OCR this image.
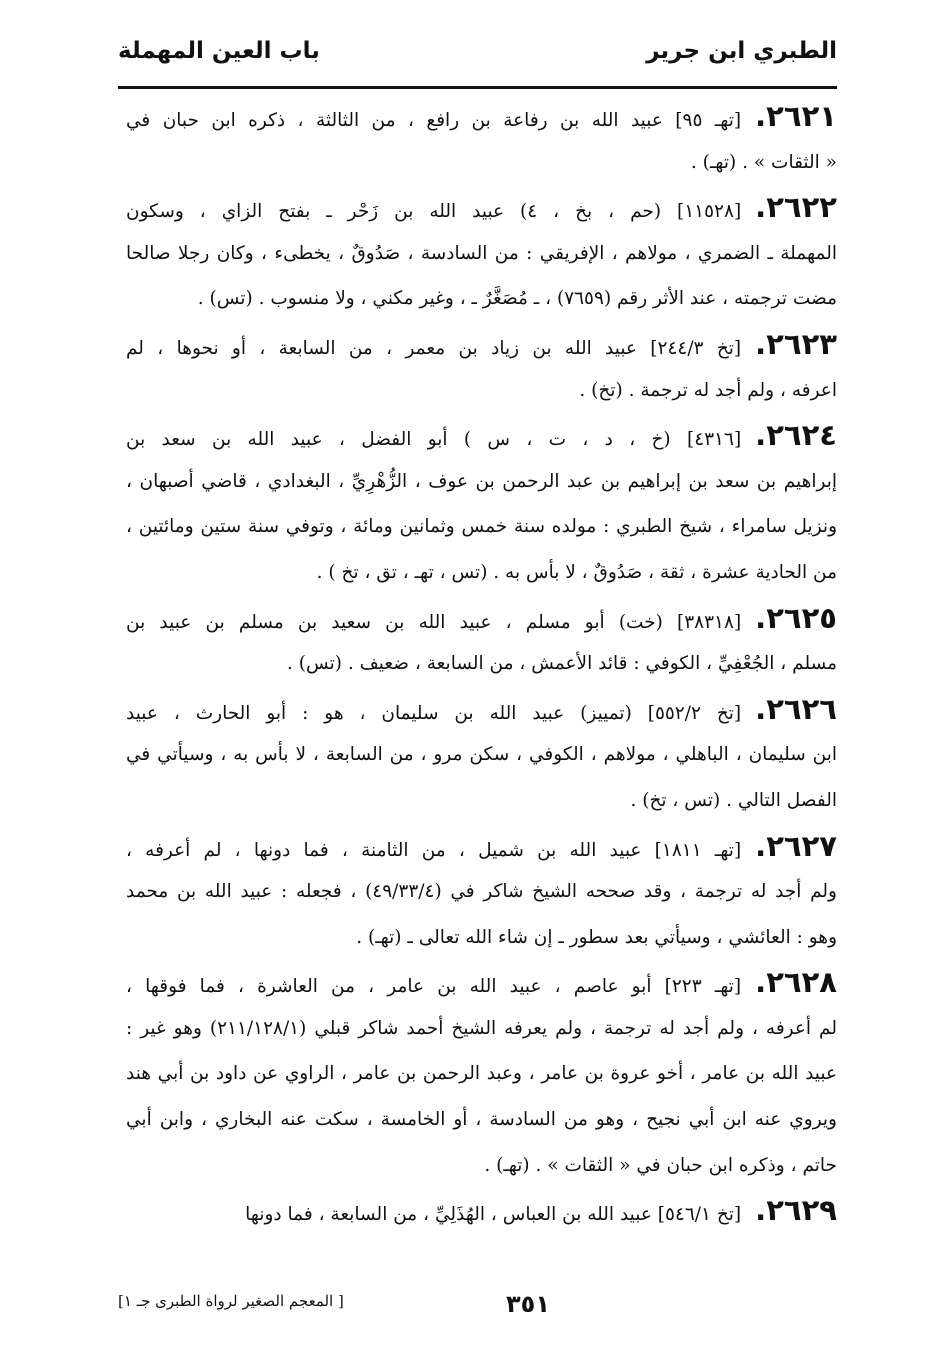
الطبري ابن جرير
باب العين المهملة
٢٦٢١.[تهـ ٩٥] عبيد الله بن رفاعة بن رافع ، من الثالثة ، ذكره ابن حبان في
« الثقات » . (تهـ) .
٢٦٢٢.[١١٥٢٨] (حم ، بخ ، ٤) عبيد الله بن زَحْر ـ بفتح الزاي ، وسكون
المهملة ـ الضمري ، مولاهم ، الإفريقي : من السادسة ، صَدُوقٌ ، يخطىء ، وكان رجلا صالحا
مضت ترجمته ، عند الأثر رقم (٧٦٥٩) ، ـ مُصَغَّرٌ ـ ، وغير مكني ، ولا منسوب . (تس) .
٢٦٢٣.[تخ ٢٤٤/٣] عبيد الله بن زياد بن معمر ، من السابعة ، أو نحوها ، لم
اعرفه ، ولم أجد له ترجمة . (تخ) .
٢٦٢٤.[٤٣١٦] (خ ، د ، ت ، س ) أبو الفضل ، عبيد الله بن سعد بن
إبراهيم بن سعد بن إبراهيم بن عبد الرحمن بن عوف ، الزُّهْرِيِّ ، البغدادي ، قاضي أصبهان ،
ونزيل سامراء ، شيخ الطبري : مولده سنة خمس وثمانين ومائة ، وتوفي سنة ستين ومائتين ،
من الحادية عشرة ، ثقة ، صَدُوقٌ ، لا بأس به . (تس ، تهـ ، تق ، تخ ) .
٢٦٢٥.[٣٨٣١٨] (خت) أبو مسلم ، عبيد الله بن سعيد بن مسلم بن عبيد بن
مسلم ، الجُعْفِيِّ ، الكوفي : قائد الأعمش ، من السابعة ، ضعيف . (تس) .
٢٦٢٦.[تخ ٥٥٢/٢] (تمييز) عبيد الله بن سليمان ، هو : أبو الحارث ، عبيد
ابن سليمان ، الباهلي ، مولاهم ، الكوفي ، سكن مرو ، من السابعة ، لا بأس به ، وسيأتي في
الفصل التالي . (تس ، تخ) .
٢٦٢٧.[تهـ ١٨١١] عبيد الله بن شميل ، من الثامنة ، فما دونها ، لم أعرفه ،
ولم أجد له ترجمة ، وقد صححه الشيخ شاكر في (٤٩/٣٣/٤) ، فجعله : عبيد الله بن محمد
وهو : العائشي ، وسيأتي بعد سطور ـ إن شاء الله تعالى ـ (تهـ) .
٢٦٢٨.[تهـ ٢٢٣] أبو عاصم ، عبيد الله بن عامر ، من العاشرة ، فما فوقها ،
لم أعرفه ، ولم أجد له ترجمة ، ولم يعرفه الشيخ أحمد شاكر قبلي (٢١١/١٢٨/١) وهو غير :
عبيد الله بن عامر ، أخو عروة بن عامر ، وعبد الرحمن بن عامر ، الراوي عن داود بن أبي هند
ويروي عنه ابن أبي نجيح ، وهو من السادسة ، أو الخامسة ، سكت عنه البخاري ، وابن أبي
حاتم ، وذكره ابن حبان في « الثقات » . (تهـ) .
٢٦٢٩.[تخ ٥٤٦/١] عبيد الله بن العباس ، الهُذَلِيِّ ، من السابعة ، فما دونها
٣٥١
[ المعجم الصغير لرواة الطبرى جـ ١]
